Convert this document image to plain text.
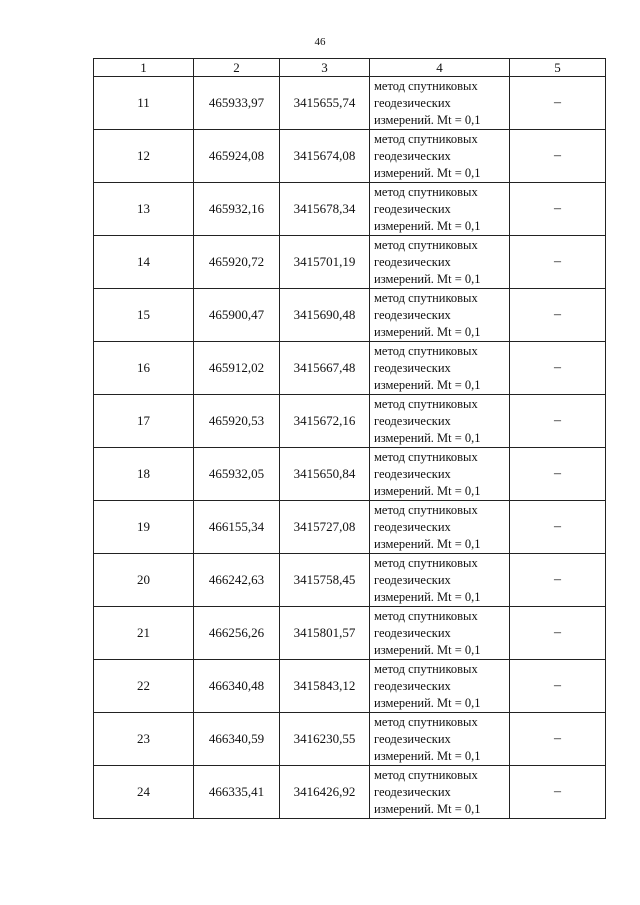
46
1	2	3	4	5
11	465933,97	3415655,74	метод спутниковых
геодезических
измерений. Mt = 0,1	–
12	465924,08	3415674,08	метод спутниковых
геодезических
измерений. Mt = 0,1	–
13	465932,16	3415678,34	метод спутниковых
геодезических
измерений. Mt = 0,1	–
14	465920,72	3415701,19	метод спутниковых
геодезических
измерений. Mt = 0,1	–
15	465900,47	3415690,48	метод спутниковых
геодезических
измерений. Mt = 0,1	–
16	465912,02	3415667,48	метод спутниковых
геодезических
измерений. Mt = 0,1	–
17	465920,53	3415672,16	метод спутниковых
геодезических
измерений. Mt = 0,1	–
18	465932,05	3415650,84	метод спутниковых
геодезических
измерений. Mt = 0,1	–
19	466155,34	3415727,08	метод спутниковых
геодезических
измерений. Mt = 0,1	–
20	466242,63	3415758,45	метод спутниковых
геодезических
измерений. Mt = 0,1	–
21	466256,26	3415801,57	метод спутниковых
геодезических
измерений. Mt = 0,1	–
22	466340,48	3415843,12	метод спутниковых
геодезических
измерений. Mt = 0,1	–
23	466340,59	3416230,55	метод спутниковых
геодезических
измерений. Mt = 0,1	–
24	466335,41	3416426,92	метод спутниковых
геодезических
измерений. Mt = 0,1	–
